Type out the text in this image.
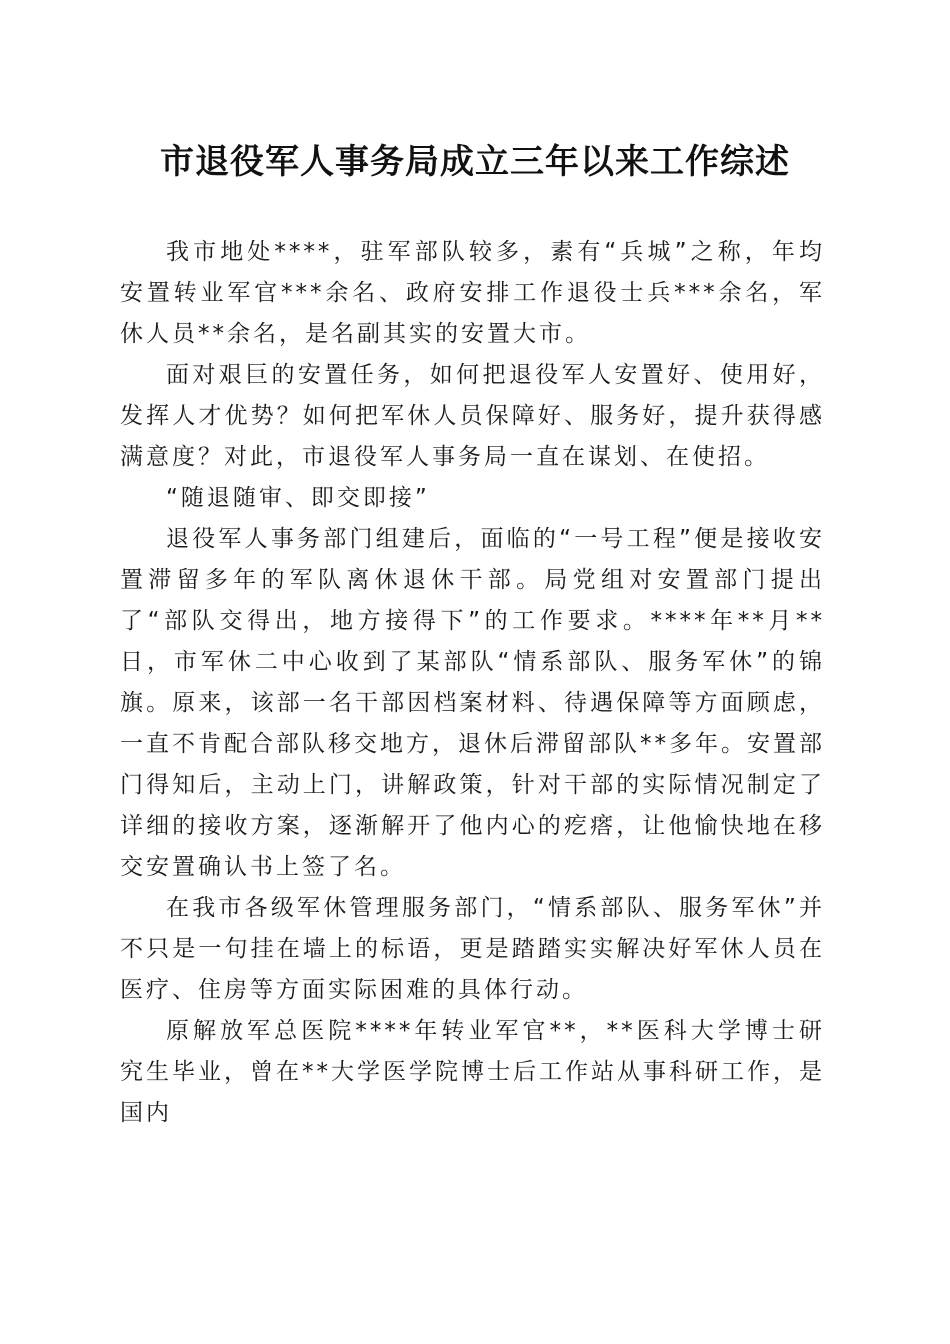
市退役军人事务局成立三年以来工作综述

我市地处****，驻军部队较多，素有“兵城”之称，年均安置转业军官***余名、政府安排工作退役士兵***余名，军休人员**余名，是名副其实的安置大市。

面对艰巨的安置任务，如何把退役军人安置好、使用好，发挥人才优势？如何把军休人员保障好、服务好，提升获得感满意度？对此，市退役军人事务局一直在谋划、在使招。

“随退随审、即交即接”

退役军人事务部门组建后，面临的“一号工程”便是接收安置滞留多年的军队离休退休干部。局党组对安置部门提出了“部队交得出，地方接得下”的工作要求。****年**月**日，市军休二中心收到了某部队“情系部队、服务军休”的锦旗。原来，该部一名干部因档案材料、待遇保障等方面顾虑，一直不肯配合部队移交地方，退休后滞留部队**多年。安置部门得知后，主动上门，讲解政策，针对干部的实际情况制定了详细的接收方案，逐渐解开了他内心的疙瘩，让他愉快地在移交安置确认书上签了名。

在我市各级军休管理服务部门，“情系部队、服务军休”并不只是一句挂在墙上的标语，更是踏踏实实解决好军休人员在医疗、住房等方面实际困难的具体行动。

原解放军总医院****年转业军官**，**医科大学博士研究生毕业，曾在**大学医学院博士后工作站从事科研工作，是国内
